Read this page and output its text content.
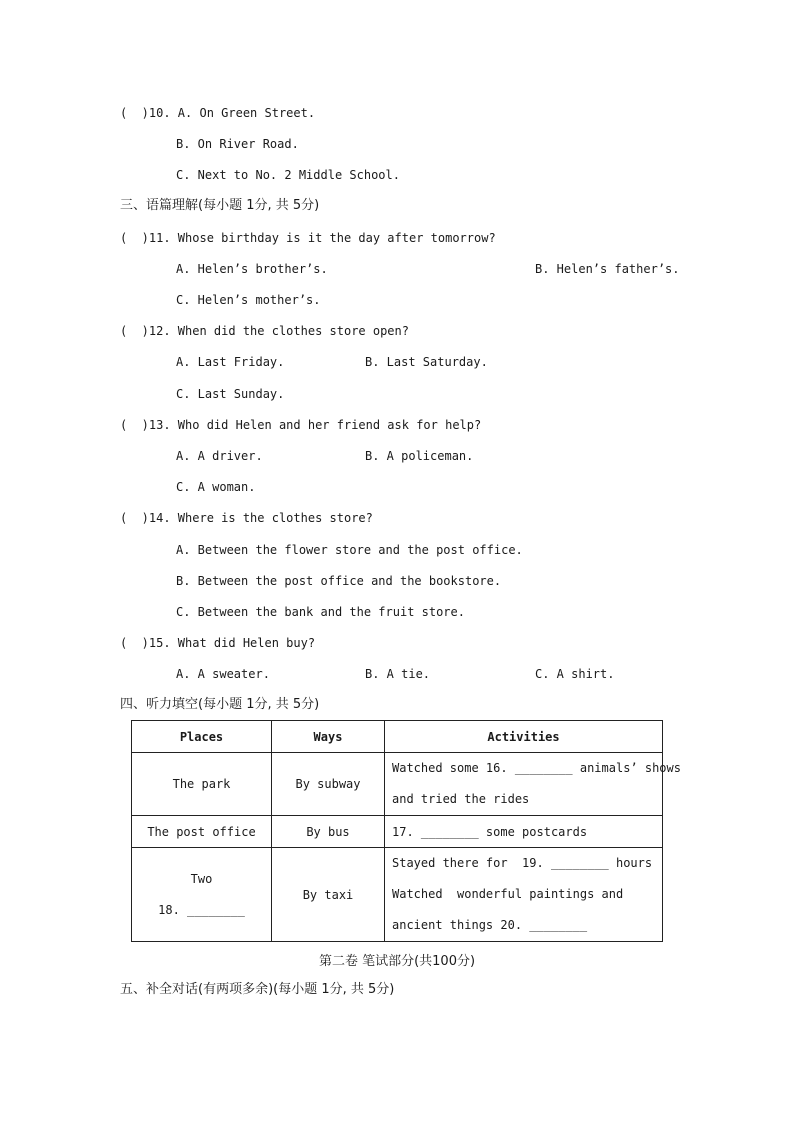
(  )10. A. On Green Street.
B. On River Road.
C. Next to No. 2 Middle School.
三、语篇理解(每小题 1分, 共 5分)
(  )11. Whose birthday is it the day after tomorrow?
A. Helen’s brother’s.	B. Helen’s father’s.
C. Helen’s mother’s.
(  )12. When did the clothes store open?
A. Last Friday.	B. Last Saturday.
C. Last Sunday.
(  )13. Who did Helen and her friend ask for help?
A. A driver.	B. A policeman.
C. A woman.
(  )14. Where is the clothes store?
A. Between the flower store and the post office.
B. Between the post office and the bookstore.
C. Between the bank and the fruit store.
(  )15. What did Helen buy?
A. A sweater.	B. A tie.	C. A shirt.
四、听力填空(每小题 1分, 共 5分)
Places	Ways	Activities
The park	By subway	Watched some 16. ________ animals’ shows
and tried the rides

The post office	By bus	17. ________ some postcards

Two
18. ________	By taxi	Stayed there for  19. ________ hours
Watched  wonderful paintings and
ancient things 20. ________
第二卷 笔试部分(共100分)
五、补全对话(有两项多余)(每小题 1分, 共 5分)
